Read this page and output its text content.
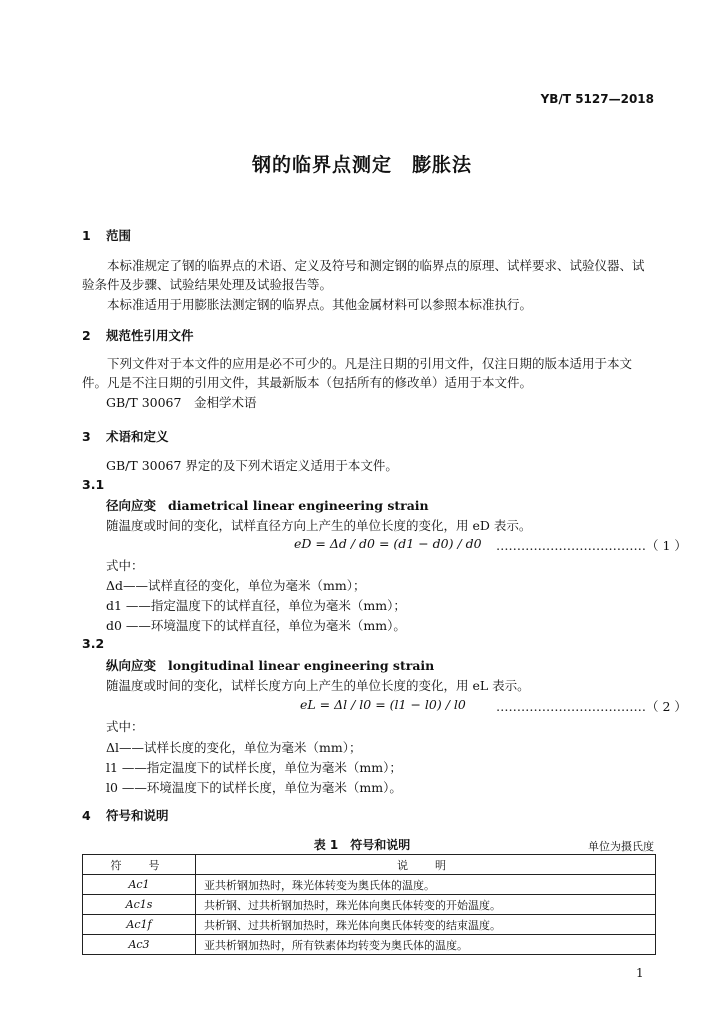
YB/T 5127—2018
钢的临界点测定　膨胀法
1 范围
本标准规定了钢的临界点的术语、定义及符号和测定钢的临界点的原理、试样要求、试验仪器、试验条件及步骤、试验结果处理及试验报告等。
本标准适用于用膨胀法测定钢的临界点。其他金属材料可以参照本标准执行。
2 规范性引用文件
下列文件对于本文件的应用是必不可少的。凡是注日期的引用文件，仅注日期的版本适用于本文件。凡是不注日期的引用文件，其最新版本（包括所有的修改单）适用于本文件。
GB/T 30067　金相学术语
3 术语和定义
GB/T 30067 界定的及下列术语定义适用于本文件。
3.1
径向应变 diametrical linear engineering strain
随温度或时间的变化，试样直径方向上产生的单位长度的变化，用 eD 表示。
eD = Δd / d0 = (d1 − d0) / d0 ………………………………（ 1 ）
式中：
Δd——试样直径的变化，单位为毫米（mm）；
d1 ——指定温度下的试样直径，单位为毫米（mm）；
d0 ——环境温度下的试样直径，单位为毫米（mm）。
3.2
纵向应变 longitudinal linear engineering strain
随温度或时间的变化，试样长度方向上产生的单位长度的变化，用 eL 表示。
eL = Δl / l0 = (l1 − l0) / l0 ………………………………（ 2 ）
式中：
Δl——试样长度的变化，单位为毫米（mm）；
l1 ——指定温度下的试样长度，单位为毫米（mm）；
l0 ——环境温度下的试样长度，单位为毫米（mm）。
4 符号和说明
表 1　符号和说明	单位为摄氏度
符　号	说　明
Ac1	亚共析钢加热时，珠光体转变为奥氏体的温度。
Ac1s	共析钢、过共析钢加热时，珠光体向奥氏体转变的开始温度。
Ac1f	共析钢、过共析钢加热时，珠光体向奥氏体转变的结束温度。
Ac3	亚共析钢加热时，所有铁素体均转变为奥氏体的温度。
1
